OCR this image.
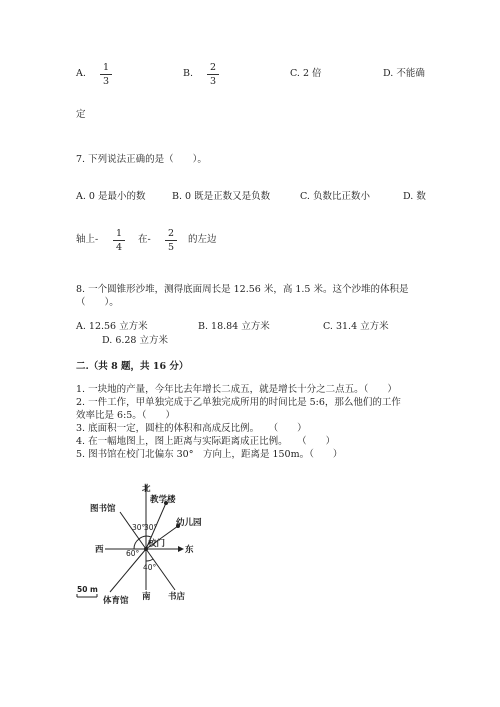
A.
1
3
B.
2
3
C. 2 倍	D. 不能确
定
7. 下列说法正确的是（　　）。
A. 0 是最小的数	B. 0 既是正数又是负数	C. 负数比正数小	D. 数
轴上-
1
4
在-
2
5
的左边
8. 一个圆锥形沙堆，测得底面周长是 12.56 米，高 1.5 米。这个沙堆的体积是
（　　）。
A. 12.56 立方米	B. 18.84 立方米	C. 31.4 立方米
D. 6.28 立方米
二.（共 8 题，共 16 分）
1. 一块地的产量，今年比去年增长二成五，就是增长十分之二点五。（　　）
2. 一件工作，甲单独完成于乙单独完成所用的时间比是 5:6，那么他们的工作
效率比是 6:5。（　　）
3. 底面积一定，圆柱的体积和高成反比例。　　（　　）
4. 在一幅地图上，图上距离与实际距离成正比例。　　（　　）
5. 图书馆在校门北偏东 30°　方向上，距离是 150m。（　　）
北
教学楼
图书馆
幼儿园
西	东
校门
南
体育馆	书店
50 m
30°
30°
60°
40°
